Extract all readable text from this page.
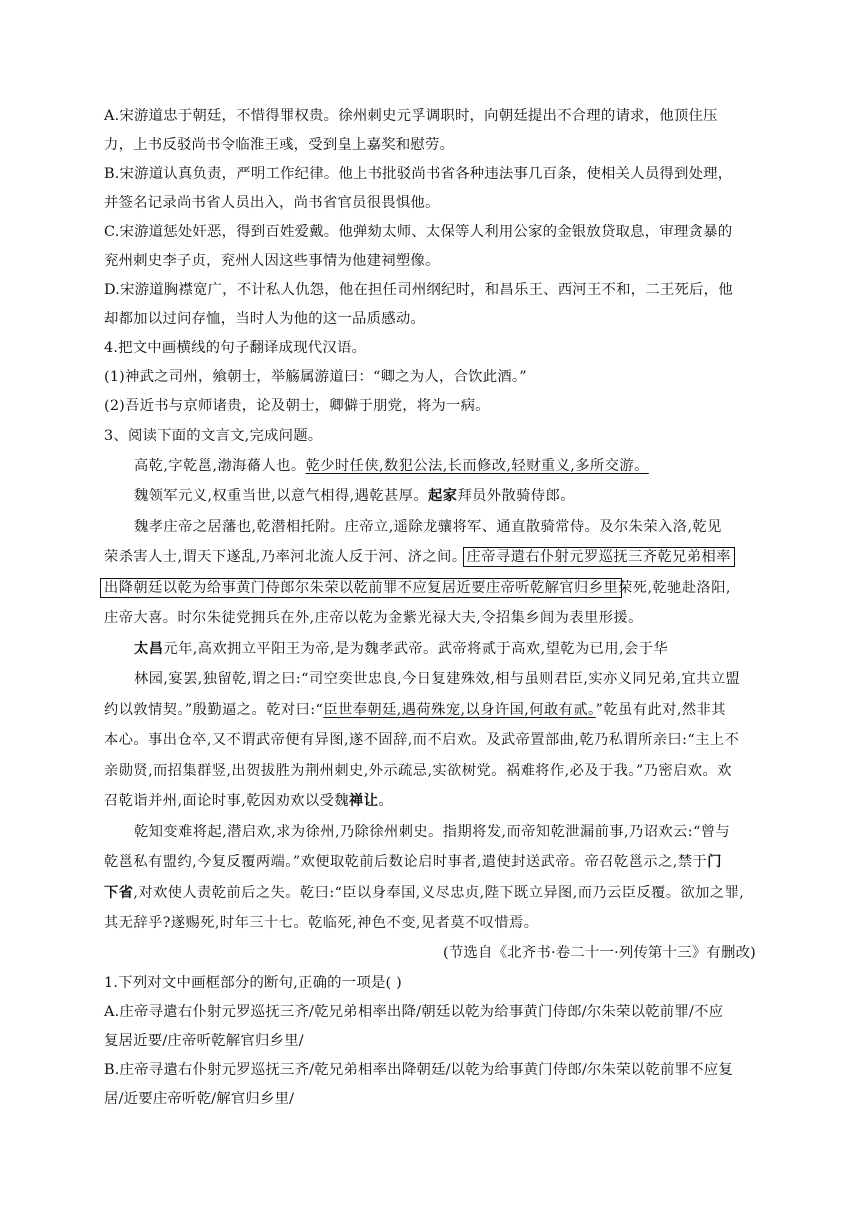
A.宋游道忠于朝廷，不惜得罪权贵。徐州刺史元孚调职时，向朝廷提出不合理的请求，他顶住压
力，上书反驳尚书令临淮王彧，受到皇上嘉奖和慰劳。
B.宋游道认真负责，严明工作纪律。他上书批驳尚书省各种违法事几百条，使相关人员得到处理，
并签名记录尚书省人员出入，尚书省官员很畏惧他。
C.宋游道惩处奸恶，得到百姓爱戴。他弹劾太师、太保等人利用公家的金银放贷取息，审理贪暴的
兖州刺史李子贞，兖州人因这些事情为他建祠塑像。
D.宋游道胸襟宽广，不计私人仇怨，他在担任司州纲纪时，和昌乐王、西河王不和，二王死后，他
却都加以过问存恤，当时人为他的这一品质感动。
4.把文中画横线的句子翻译成现代汉语。
(1)神武之司州，飨朝士，举觞属游道曰：“卿之为人，合饮此酒。”
(2)吾近书与京师诸贵，论及朝士，卿僻于朋党，将为一病。
3、阅读下面的文言文,完成问题。
高乾,字乾邕,渤海蓨人也。乾少时任侠,数犯公法,长而修改,轻财重义,多所交游。
魏领军元义,权重当世,以意气相得,遇乾甚厚。起家拜员外散骑侍郎。
魏孝庄帝之居藩也,乾潜相托附。庄帝立,遥除龙骧将军、通直散骑常侍。及尔朱荣入洛,乾见
荣杀害人士,谓天下遂乱,乃率河北流人反于河、济之间。庄帝寻遣右仆射元罗巡抚三齐乾兄弟相率
出降朝廷以乾为给事黄门侍郎尔朱荣以乾前罪不应复居近要庄帝听乾解官归乡里荣死,乾驰赴洛阳,
庄帝大喜。时尔朱徒党拥兵在外,庄帝以乾为金紫光禄大夫,令招集乡闾为表里形援。
太昌元年,高欢拥立平阳王为帝,是为魏孝武帝。武帝将贰于高欢,望乾为已用,会于华
林园,宴罢,独留乾,谓之曰:“司空奕世忠良,今日复建殊效,相与虽则君臣,实亦义同兄弟,宜共立盟
约以敦情契。”殷勤逼之。乾对曰:“臣世奉朝廷,遇荷殊宠,以身许国,何敢有贰。”乾虽有此对,然非其
本心。事出仓卒,又不谓武帝便有异图,遂不固辞,而不启欢。及武帝置部曲,乾乃私谓所亲曰:“主上不
亲勋贤,而招集群竖,出贺拔胜为荆州刺史,外示疏忌,实欲树党。祸难将作,必及于我。”乃密启欢。欢
召乾诣并州,面论时事,乾因劝欢以受魏禅让。
乾知变难将起,潜启欢,求为徐州,乃除徐州刺史。指期将发,而帝知乾泄漏前事,乃诏欢云:“曾与
乾邕私有盟约,今复反覆两端。”欢便取乾前后数论启时事者,遣使封送武帝。帝召乾邕示之,禁于门
下省,对欢使人责乾前后之失。乾曰:“臣以身奉国,义尽忠贞,陛下既立异图,而乃云臣反覆。欲加之罪,
其无辞乎?遂赐死,时年三十七。乾临死,神色不变,见者莫不叹惜焉。
(节选自《北齐书·卷二十一·列传第十三》有删改)
1.下列对文中画框部分的断句,正确的一项是( )
A.庄帝寻遣右仆射元罗巡抚三齐/乾兄弟相率出降/朝廷以乾为给事黄门侍郎/尔朱荣以乾前罪/不应
复居近要/庄帝听乾解官归乡里/
B.庄帝寻遣右仆射元罗巡抚三齐/乾兄弟相率出降朝廷/以乾为给事黄门侍郎/尔朱荣以乾前罪不应复
居/近要庄帝听乾/解官归乡里/
